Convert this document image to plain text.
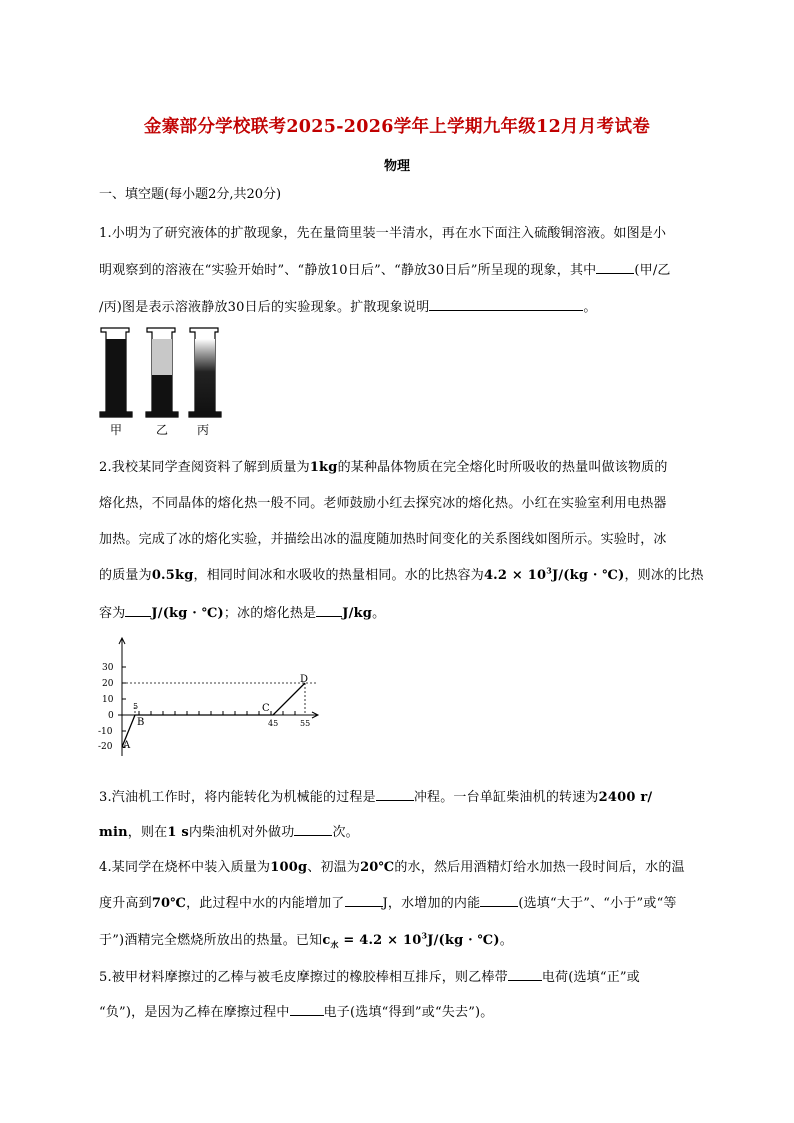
金寨部分学校联考2025-2026学年上学期九年级12月月考试卷
物理
一、填空题(每小题2分,共20分)
1.小明为了研究液体的扩散现象，先在量筒里装一半清水，再在水下面注入硫酸铜溶液。如图是小
明观察到的溶液在“实验开始时”、“静放10日后”、“静放30日后”所呈现的现象，其中	(甲/乙
/丙)图是表示溶液静放30日后的实验现象。扩散现象说明	。
甲	乙 丙
2.我校某同学查阅资料了解到质量为1kg的某种晶体物质在完全熔化时所吸收的热量叫做该物质的
熔化热，不同晶体的熔化热一般不同。老师鼓励小红去探究冰的熔化热。小红在实验室利用电热器
加热。完成了冰的熔化实验，并描绘出冰的温度随加热时间变化的关系图线如图所示。实验时，冰
的质量为0.5kg，相同时间冰和水吸收的热量相同。水的比热容为$4.2 \times 10^3J/(kg$ · ℃)，则冰的比热
容为 J/(kg · ℃)；冰的熔化热是 J/kg。
30
20
10
0
-10
-20
5
45	55
A
B
C
D
3.汽油机工作时，将内能转化为机械能的过程是	冲程。一台单缸柴油机的转速为2400 r/
min，则在1 s内柴油机对外做功	次。
4.某同学在烧杯中装入质量为100g、初温为20℃的水，然后用酒精灯给水加热一段时间后，水的温
度升高到70℃，此过程中水的内能增加了	J，水增加的内能	(选填“大于”、“小于”或“等
于”)酒精完全燃烧所放出的热量。已知$c_水 = 4.2 \times 10^3J/(kg$ · ℃)。
5.被甲材料摩擦过的乙棒与被毛皮摩擦过的橡胶棒相互排斥，则乙棒带	电荷(选填“正”或
“负”)，是因为乙棒在摩擦过程中	电子(选填“得到”或“失去”)。
